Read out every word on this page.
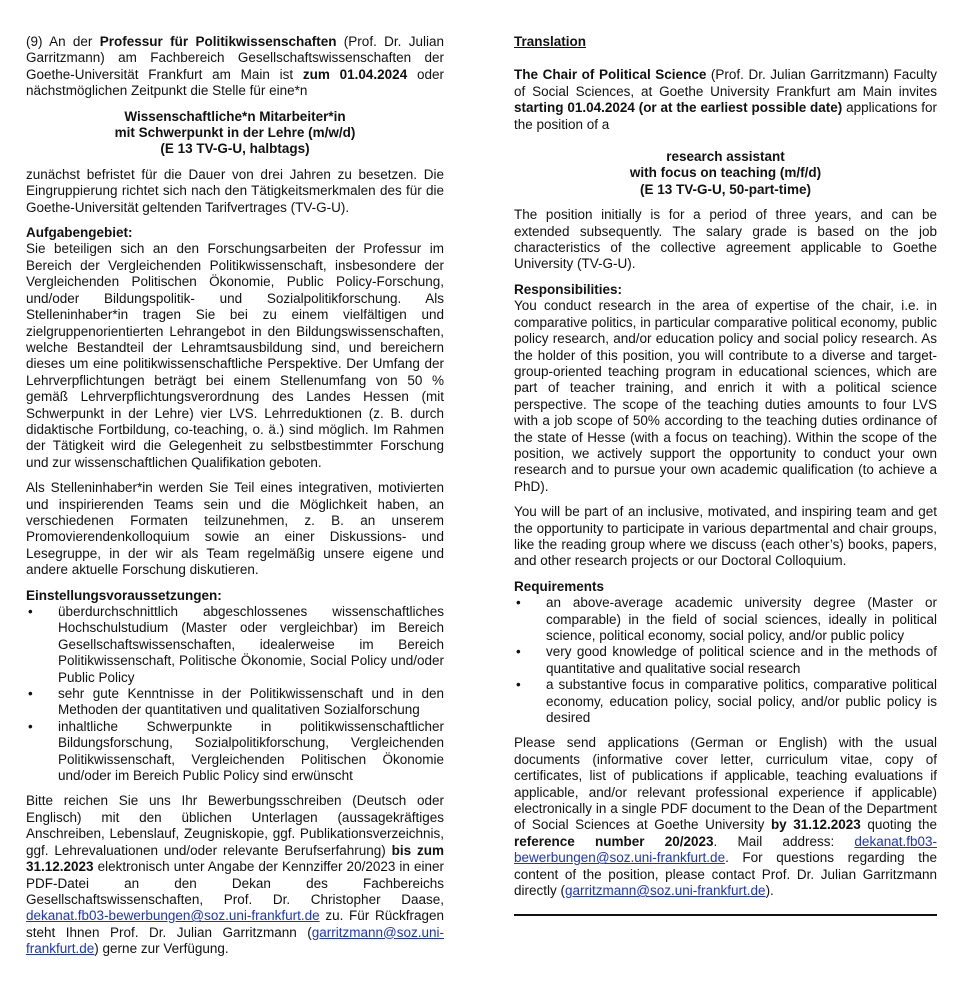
(9) An der Professur für Politikwissenschaften (Prof. Dr. Julian Garritzmann) am Fachbereich Gesellschaftswissenschaften der Goethe-Universität Frankfurt am Main ist zum 01.04.2024 oder nächstmöglichen Zeitpunkt die Stelle für eine*n

Wissenschaftliche*n Mitarbeiter*in
mit Schwerpunkt in der Lehre (m/w/d)
(E 13 TV-G-U, halbtags)

zunächst befristet für die Dauer von drei Jahren zu besetzen. Die Eingruppierung richtet sich nach den Tätigkeitsmerkmalen des für die Goethe-Universität geltenden Tarifvertrages (TV-G-U).

Aufgabengebiet:

Sie beteiligen sich an den Forschungsarbeiten der Professur im Bereich der Vergleichenden Politikwissenschaft, insbesondere der Vergleichenden Politischen Ökonomie, Public Policy-Forschung, und/oder Bildungspolitik- und Sozialpolitikforschung. Als Stelleninhaber*in tragen Sie bei zu einem vielfältigen und zielgruppenorientierten Lehrangebot in den Bildungswissenschaften, welche Bestandteil der Lehramtsausbildung sind, und bereichern dieses um eine politikwissenschaftliche Perspektive. Der Umfang der Lehrverpflichtungen beträgt bei einem Stellenumfang von 50 % gemäß Lehrverpflichtungsverordnung des Landes Hessen (mit Schwerpunkt in der Lehre) vier LVS. Lehrreduktionen (z. B. durch didaktische Fortbildung, co-teaching, o. ä.) sind möglich. Im Rahmen der Tätigkeit wird die Gelegenheit zu selbstbestimmter Forschung und zur wissenschaftlichen Qualifikation geboten.

Als Stelleninhaber*in werden Sie Teil eines integrativen, motivierten und inspirierenden Teams sein und die Möglichkeit haben, an verschiedenen Formaten teilzunehmen, z. B. an unserem Promovierendenkolloquium sowie an einer Diskussions- und Lesegruppe, in der wir als Team regelmäßig unsere eigene und andere aktuelle Forschung diskutieren.

Einstellungsvoraussetzungen:

• überdurchschnittlich abgeschlossenes wissenschaftliches Hochschulstudium (Master oder vergleichbar) im Bereich Gesellschaftswissenschaften, idealerweise im Bereich Politikwissenschaft, Politische Ökonomie, Social Policy und/oder Public Policy
• sehr gute Kenntnisse in der Politikwissenschaft und in den Methoden der quantitativen und qualitativen Sozialforschung
• inhaltliche Schwerpunkte in politikwissenschaftlicher Bildungsforschung, Sozialpolitikforschung, Vergleichenden Politikwissenschaft, Vergleichenden Politischen Ökonomie und/oder im Bereich Public Policy sind erwünscht

Bitte reichen Sie uns Ihr Bewerbungsschreiben (Deutsch oder Englisch) mit den üblichen Unterlagen (aussagekräftiges Anschreiben, Lebenslauf, Zeugniskopie, ggf. Publikationsverzeichnis, ggf. Lehrevaluationen und/oder relevante Berufserfahrung) bis zum 31.12.2023 elektronisch unter Angabe der Kennziffer 20/2023 in einer PDF-Datei an den Dekan des Fachbereichs Gesellschaftswissenschaften, Prof. Dr. Christopher Daase, dekanat.fb03-bewerbungen@soz.uni-frankfurt.de zu. Für Rückfragen steht Ihnen Prof. Dr. Julian Garritzmann (garritzmann@soz.uni-frankfurt.de) gerne zur Verfügung.

Translation

The Chair of Political Science (Prof. Dr. Julian Garritzmann) Faculty of Social Sciences, at Goethe University Frankfurt am Main invites starting 01.04.2024 (or at the earliest possible date) applications for the position of a

research assistant
with focus on teaching (m/f/d)
(E 13 TV-G-U, 50-part-time)

The position initially is for a period of three years, and can be extended subsequently. The salary grade is based on the job characteristics of the collective agreement applicable to Goethe University (TV-G-U).

Responsibilities:

You conduct research in the area of expertise of the chair, i.e. in comparative politics, in particular comparative political economy, public policy research, and/or education policy and social policy research. As the holder of this position, you will contribute to a diverse and target-group-oriented teaching program in educational sciences, which are part of teacher training, and enrich it with a political science perspective. The scope of the teaching duties amounts to four LVS with a job scope of 50% according to the teaching duties ordinance of the state of Hesse (with a focus on teaching). Within the scope of the position, we actively support the opportunity to conduct your own research and to pursue your own academic qualification (to achieve a PhD).

You will be part of an inclusive, motivated, and inspiring team and get the opportunity to participate in various departmental and chair groups, like the reading group where we discuss (each other’s) books, papers, and other research projects or our Doctoral Colloquium.

Requirements

• an above-average academic university degree (Master or comparable) in the field of social sciences, ideally in political science, political economy, social policy, and/or public policy
• very good knowledge of political science and in the methods of quantitative and qualitative social research
• a substantive focus in comparative politics, comparative political economy, education policy, social policy, and/or public policy is desired

Please send applications (German or English) with the usual documents (informative cover letter, curriculum vitae, copy of certificates, list of publications if applicable, teaching evaluations if applicable, and/or relevant professional experience if applicable) electronically in a single PDF document to the Dean of the Department of Social Sciences at Goethe University by 31.12.2023 quoting the reference number 20/2023. Mail address: dekanat.fb03-bewerbungen@soz.uni-frankfurt.de. For questions regarding the content of the position, please contact Prof. Dr. Julian Garritzmann directly (garritzmann@soz.uni-frankfurt.de).
